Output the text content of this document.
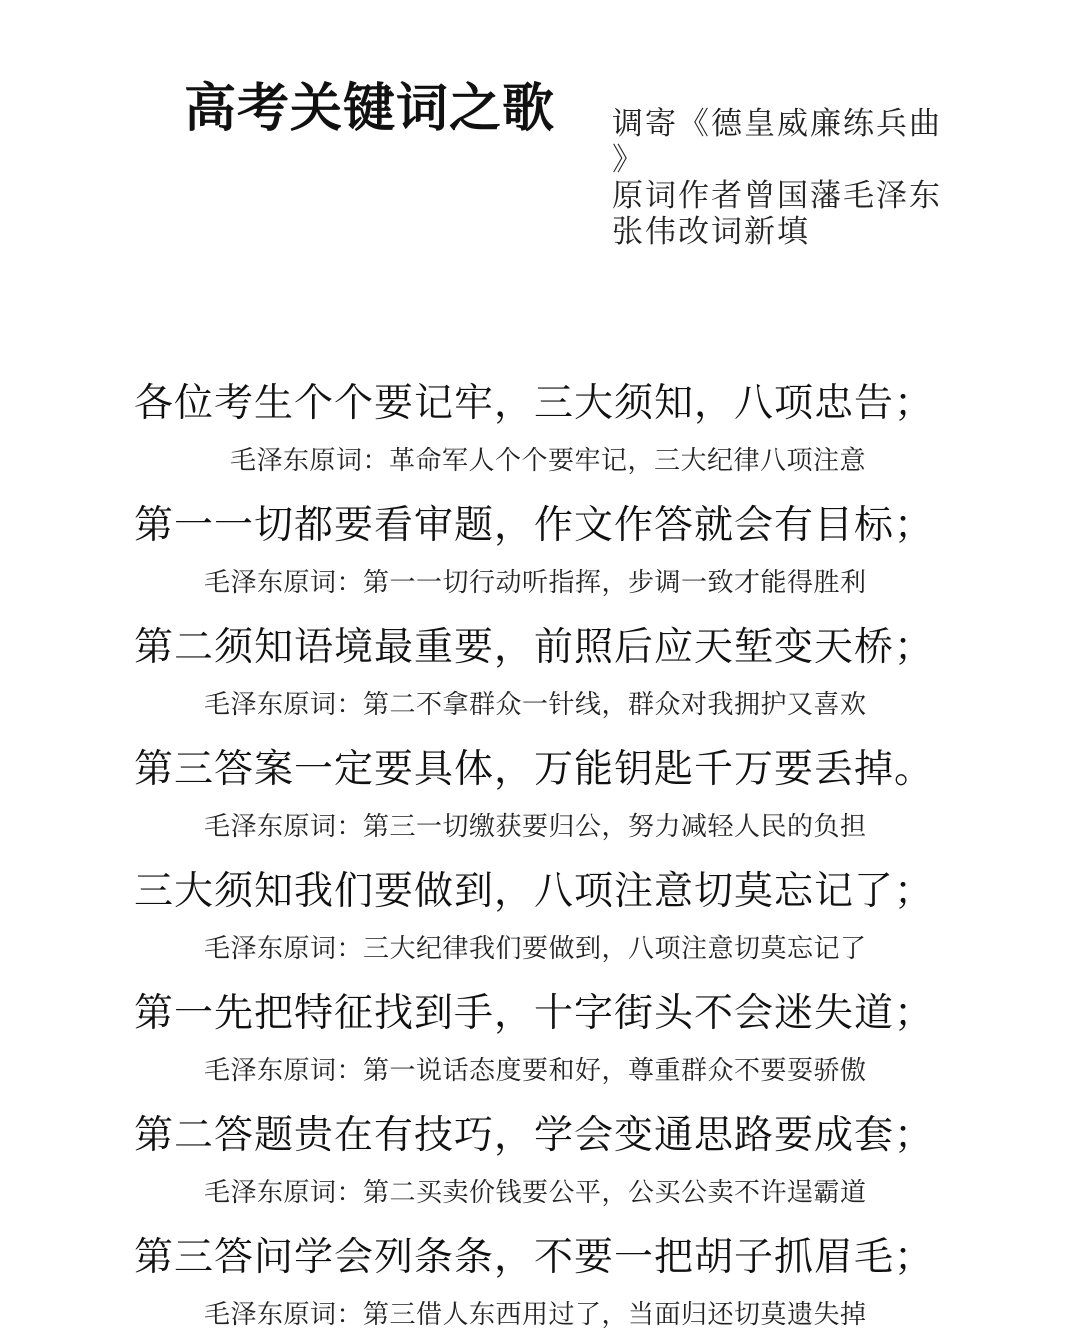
高考关键词之歌 调寄《德皇威廉练兵曲
》
原词作者曾国藩毛泽东
张伟改词新填
各位考生个个要记牢，三大须知，八项忠告；
毛泽东原词：革命军人个个要牢记，三大纪律八项注意
第一一切都要看审题，作文作答就会有目标；
毛泽东原词：第一一切行动听指挥，步调一致才能得胜利
第二须知语境最重要，前照后应天堑变天桥；
毛泽东原词：第二不拿群众一针线，群众对我拥护又喜欢
第三答案一定要具体，万能钥匙千万要丢掉。
毛泽东原词：第三一切缴获要归公，努力减轻人民的负担
三大须知我们要做到，八项注意切莫忘记了；
毛泽东原词：三大纪律我们要做到，八项注意切莫忘记了
第一先把特征找到手，十字街头不会迷失道；
毛泽东原词：第一说话态度要和好，尊重群众不要耍骄傲
第二答题贵在有技巧，学会变通思路要成套；
毛泽东原词：第二买卖价钱要公平，公买公卖不许逞霸道
第三答问学会列条条，不要一把胡子抓眉毛；
毛泽东原词：第三借人东西用过了，当面归还切莫遗失掉
